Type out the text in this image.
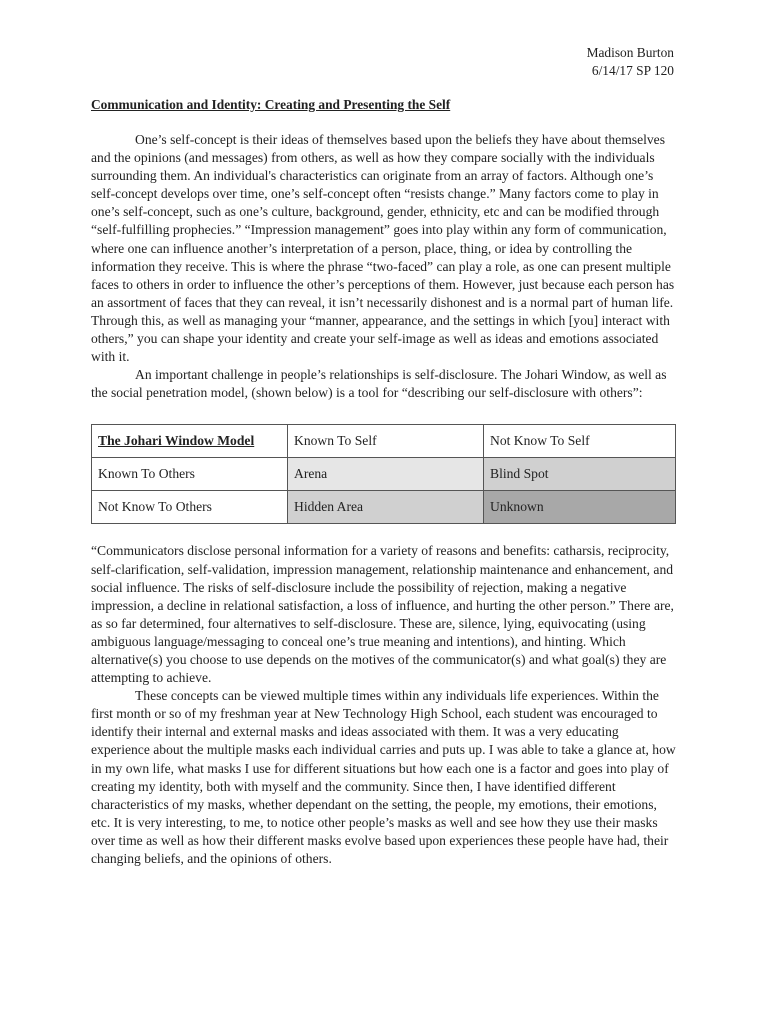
Madison Burton
6/14/17 SP 120
Communication and Identity: Creating and Presenting the Self

One’s self-concept is their ideas of themselves based upon the beliefs they have about themselves and the opinions (and messages) from others, as well as how they compare socially with the individuals surrounding them. An individual's characteristics can originate from an array of factors. Although one’s self-concept develops over time, one’s self-concept often “resists change.” Many factors come to play in one’s self-concept, such as one’s culture, background, gender, ethnicity, etc and can be modified through “self-fulfilling prophecies.” “Impression management” goes into play within any form of communication, where one can influence another’s interpretation of a person, place, thing, or idea by controlling the information they receive. This is where the phrase “two-faced” can play a role, as one can present multiple faces to others in order to influence the other’s perceptions of them. However, just because each person has an assortment of faces that they can reveal, it isn’t necessarily dishonest and is a normal part of human life. Through this, as well as managing your “manner, appearance, and the settings in which [you] interact with others,” you can shape your identity and create your self-image as well as ideas and emotions associated with it.

An important challenge in people’s relationships is self-disclosure. The Johari Window, as well as the social penetration model, (shown below) is a tool for “describing our self-disclosure with others”:

The Johari Window Model	Known To Self	Not Know To Self
Known To Others	Arena	Blind Spot
Not Know To Others	Hidden Area	Unknown

“Communicators disclose personal information for a variety of reasons and benefits: catharsis, reciprocity, self-clarification, self-validation, impression management, relationship maintenance and enhancement, and social influence. The risks of self-disclosure include the possibility of rejection, making a negative impression, a decline in relational satisfaction, a loss of influence, and hurting the other person.” There are, as so far determined, four alternatives to self-disclosure. These are, silence, lying, equivocating (using ambiguous language/messaging to conceal one’s true meaning and intentions), and hinting. Which alternative(s) you choose to use depends on the motives of the communicator(s) and what goal(s) they are attempting to achieve.

These concepts can be viewed multiple times within any individuals life experiences. Within the first month or so of my freshman year at New Technology High School, each student was encouraged to identify their internal and external masks and ideas associated with them. It was a very educating experience about the multiple masks each individual carries and puts up. I was able to take a glance at, how in my own life, what masks I use for different situations but how each one is a factor and goes into play of creating my identity, both with myself and the community. Since then, I have identified different characteristics of my masks, whether dependant on the setting, the people, my emotions, their emotions, etc. It is very interesting, to me, to notice other people’s masks as well and see how they use their masks over time as well as how their different masks evolve based upon experiences these people have had, their changing beliefs, and the opinions of others.
